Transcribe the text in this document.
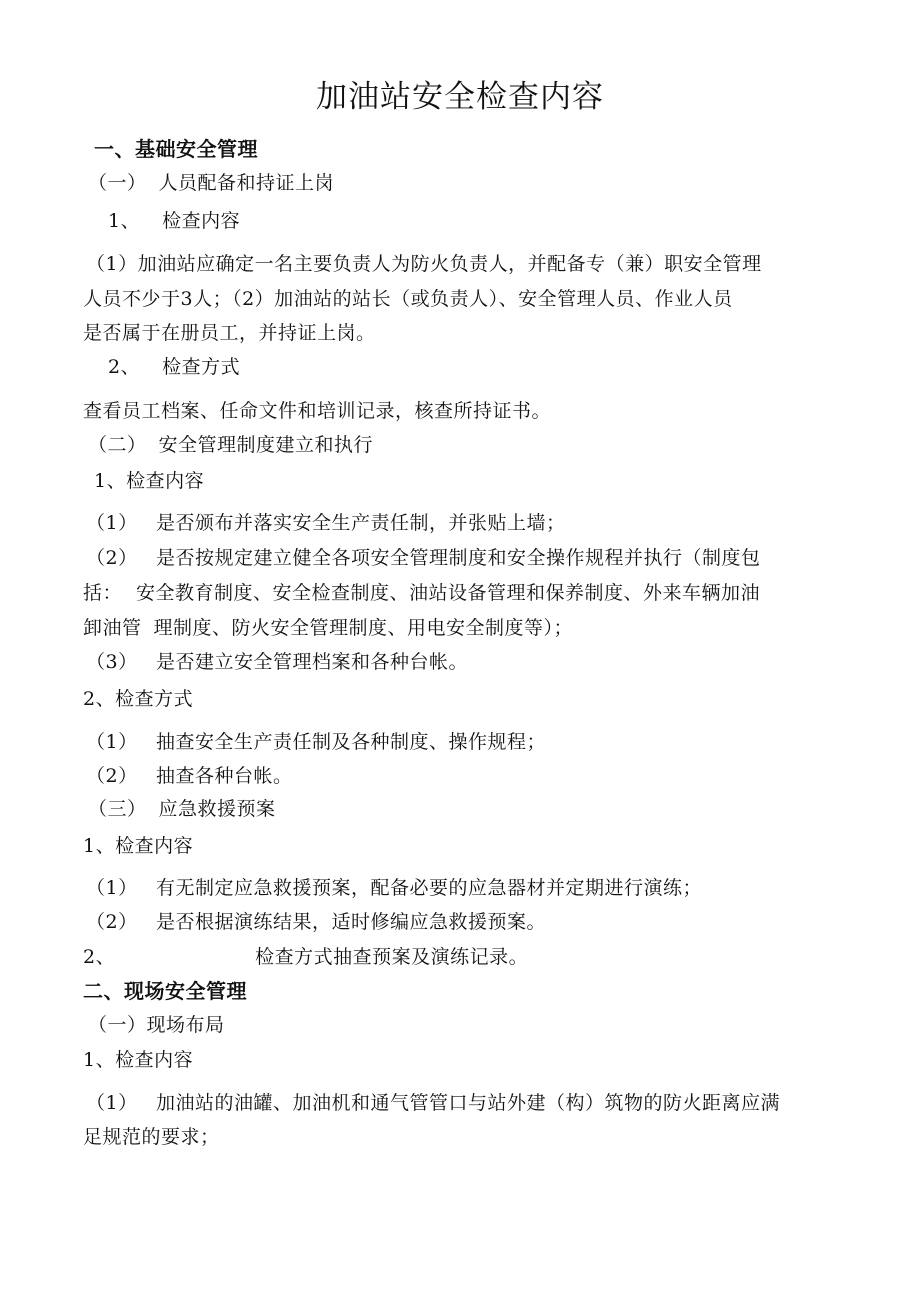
加油站安全检查内容
一、基础安全管理
（一） 人员配备和持证上岗
1、 检查内容
（1）加油站应确定一名主要负责人为防火负责人，并配备专（兼）职安全管理
人员不少于3人；（2）加油站的站长（或负责人）、安全管理人员、作业人员
是否属于在册员工，并持证上岗。
2、 检查方式
查看员工档案、任命文件和培训记录，核查所持证书。
（二） 安全管理制度建立和执行
1、检查内容
（1） 是否颁布并落实安全生产责任制，并张贴上墙；
（2） 是否按规定建立健全各项安全管理制度和安全操作规程并执行（制度包
括： 安全教育制度、安全检查制度、油站设备管理和保养制度、外来车辆加油
卸油管 理制度、防火安全管理制度、用电安全制度等）；
（3） 是否建立安全管理档案和各种台帐。
2、检查方式
（1） 抽查安全生产责任制及各种制度、操作规程；
（2） 抽查各种台帐。
（三） 应急救援预案
1、检查内容
（1） 有无制定应急救援预案，配备必要的应急器材并定期进行演练；
（2） 是否根据演练结果，适时修编应急救援预案。
2、	检查方式抽查预案及演练记录。
二、现场安全管理
（一）现场布局
1、检查内容
（1） 加油站的油罐、加油机和通气管管口与站外建（构）筑物的防火距离应满
足规范的要求；
